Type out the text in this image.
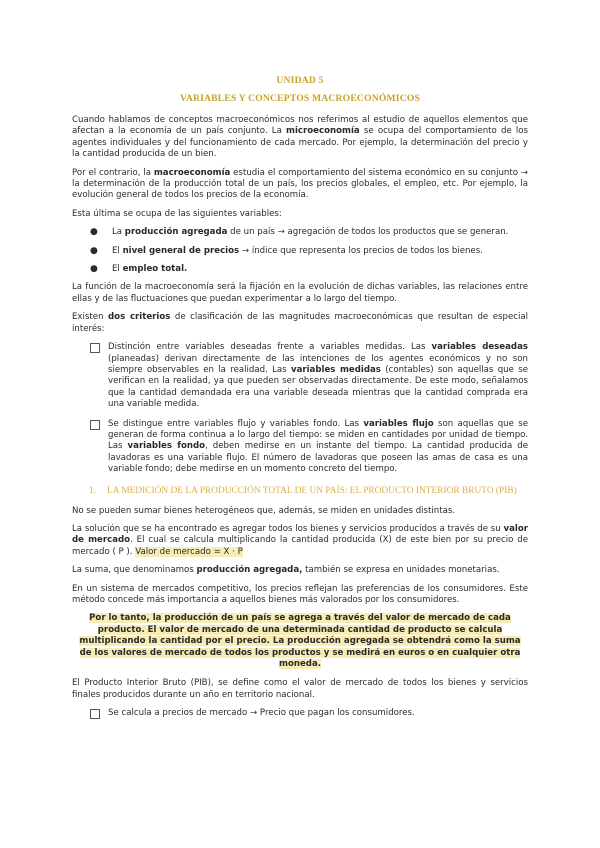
UNIDAD 5
VARIABLES Y CONCEPTOS MACROECONÓMICOS

Cuando hablamos de conceptos macroeconómicos nos referimos al estudio de aquellos elementos que afectan a la economía de un país conjunto. La microeconomía se ocupa del comportamiento de los agentes individuales y del funcionamiento de cada mercado. Por ejemplo, la determinación del precio y la cantidad producida de un bien.

Por el contrario, la macroeconomía estudia el comportamiento del sistema económico en su conjunto → la determinación de la producción total de un país, los precios globales, el empleo, etc. Por ejemplo, la evolución general de todos los precios de la economía.

Esta última se ocupa de las siguientes variables:

● La producción agregada de un país → agregación de todos los productos que se generan.
● El nivel general de precios → índice que representa los precios de todos los bienes.
● El empleo total.

La función de la macroeconomía será la fijación en la evolución de dichas variables, las relaciones entre ellas y de las fluctuaciones que puedan experimentar a lo largo del tiempo.

Existen dos criterios de clasificación de las magnitudes macroeconómicas que resultan de especial interés:

Distinción entre variables deseadas frente a variables medidas. Las variables deseadas (planeadas) derivan directamente de las intenciones de los agentes económicos y no son siempre observables en la realidad. Las variables medidas (contables) son aquellas que se verifican en la realidad, ya que pueden ser observadas directamente. De este modo, señalamos que la cantidad demandada era una variable deseada mientras que la cantidad comprada era una variable medida.
Se distingue entre variables flujo y variables fondo. Las variables flujo son aquellas que se generan de forma continua a lo largo del tiempo: se miden en cantidades por unidad de tiempo. Las variables fondo, deben medirse en un instante del tiempo. La cantidad producida de lavadoras es una variable flujo. El número de lavadoras que poseen las amas de casa es una variable fondo; debe medirse en un momento concreto del tiempo.
1. LA MEDICIÓN DE LA PRODUCCIÓN TOTAL DE UN PAÍS: EL PRODUCTO INTERIOR BRUTO (PIB)

No se pueden sumar bienes heterogéneos que, además, se miden en unidades distintas.

La solución que se ha encontrado es agregar todos los bienes y servicios producidos a través de su valor de mercado. El cual se calcula multiplicando la cantidad producida (X) de este bien por su precio de mercado ( P ). Valor de mercado = X · P

La suma, que denominamos producción agregada, también se expresa en unidades monetarias.

En un sistema de mercados competitivo, los precios reflejan las preferencias de los consumidores. Este método concede más importancia a aquellos bienes más valorados por los consumidores.

Por lo tanto, la producción de un país se agrega a través del valor de mercado de cada producto. El valor de mercado de una determinada cantidad de producto se calcula multiplicando la cantidad por el precio. La producción agregada se obtendrá como la suma de los valores de mercado de todos los productos y se medirá en euros o en cualquier otra moneda.

El Producto Interior Bruto (PIB), se define como el valor de mercado de todos los bienes y servicios finales producidos durante un año en territorio nacional.

Se calcula a precios de mercado → Precio que pagan los consumidores.
